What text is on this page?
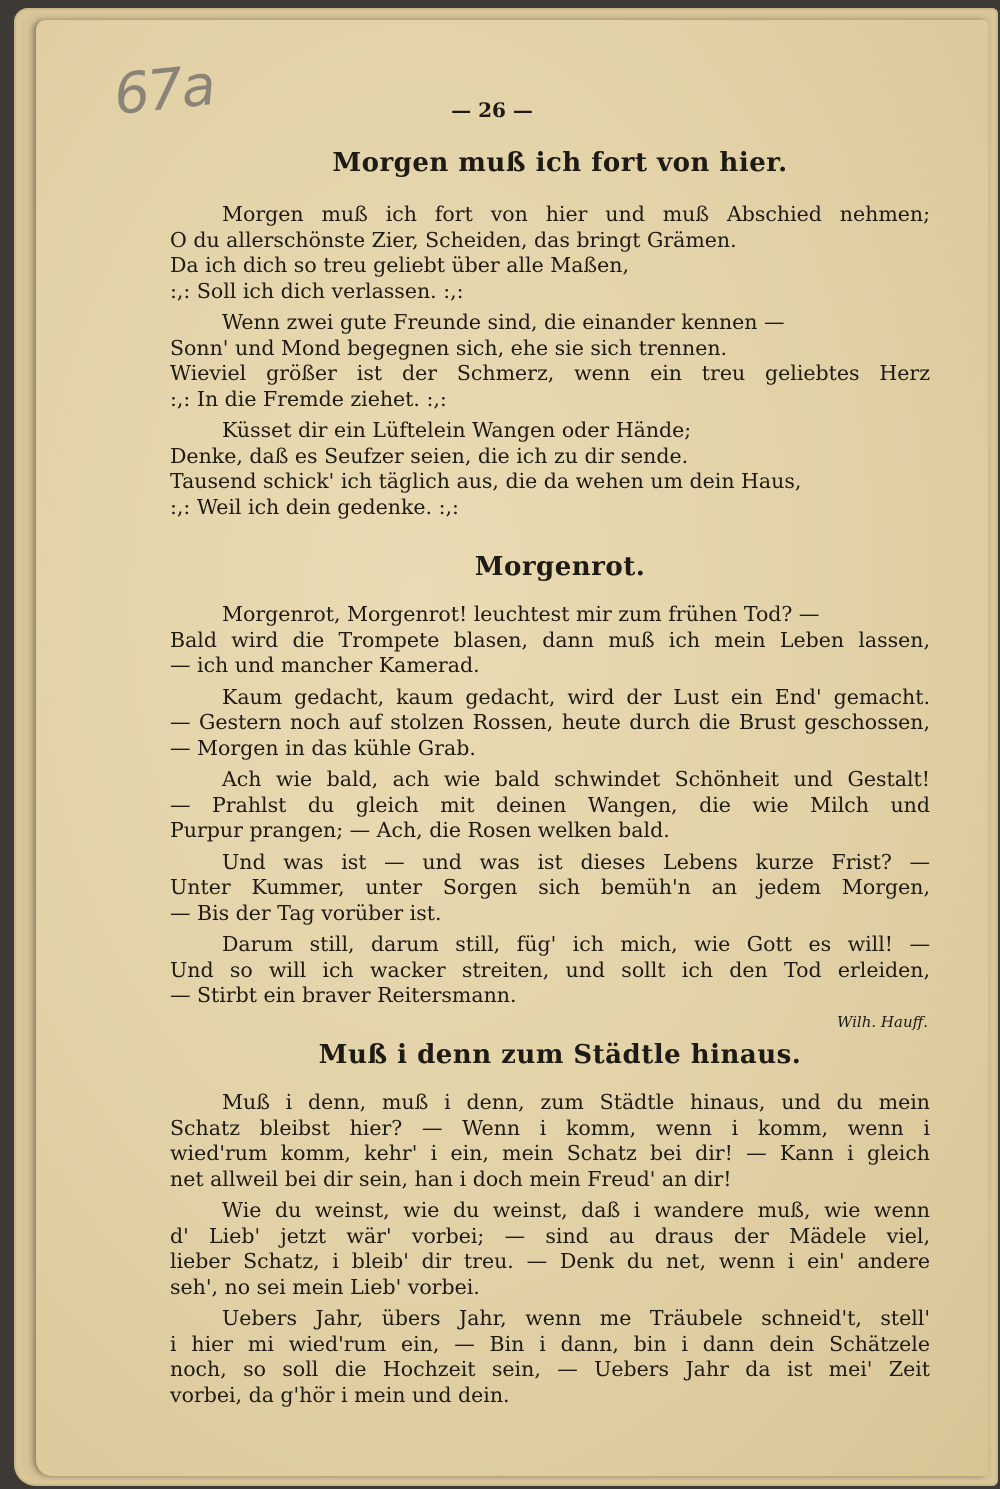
67a	— 26 —
Morgen muß ich fort von hier.
Morgen muß ich fort von hier und muß Abschied nehmen;
O du allerschönste Zier, Scheiden, das bringt Grämen.
Da ich dich so treu geliebt über alle Maßen,
:,: Soll ich dich verlassen. :,:
Wenn zwei gute Freunde sind, die einander kennen —
Sonn' und Mond begegnen sich, ehe sie sich trennen.
Wieviel größer ist der Schmerz, wenn ein treu geliebtes Herz
:,: In die Fremde ziehet. :,:
Küsset dir ein Lüftelein Wangen oder Hände;
Denke, daß es Seufzer seien, die ich zu dir sende.
Tausend schick' ich täglich aus, die da wehen um dein Haus,
:,: Weil ich dein gedenke. :,:
Morgenrot.
Morgenrot, Morgenrot! leuchtest mir zum frühen Tod? —
Bald wird die Trompete blasen, dann muß ich mein Leben lassen,
— ich und mancher Kamerad.
Kaum gedacht, kaum gedacht, wird der Lust ein End' gemacht.
— Gestern noch auf stolzen Rossen, heute durch die Brust geschossen,
— Morgen in das kühle Grab.
Ach wie bald, ach wie bald schwindet Schönheit und Gestalt!
— Prahlst du gleich mit deinen Wangen, die wie Milch und
Purpur prangen; — Ach, die Rosen welken bald.
Und was ist — und was ist dieses Lebens kurze Frist? —
Unter Kummer, unter Sorgen sich bemüh'n an jedem Morgen,
— Bis der Tag vorüber ist.
Darum still, darum still, füg' ich mich, wie Gott es will! —
Und so will ich wacker streiten, und sollt ich den Tod erleiden,
— Stirbt ein braver Reitersmann.
Wilh. Hauff.
Muß i denn zum Städtle hinaus.
Muß i denn, muß i denn, zum Städtle hinaus, und du mein
Schatz bleibst hier? — Wenn i komm, wenn i komm, wenn i
wied'rum komm, kehr' i ein, mein Schatz bei dir! — Kann i gleich
net allweil bei dir sein, han i doch mein Freud' an dir!
Wie du weinst, wie du weinst, daß i wandere muß, wie wenn
d' Lieb' jetzt wär' vorbei; — sind au draus der Mädele viel,
lieber Schatz, i bleib' dir treu. — Denk du net, wenn i ein' andere
seh', no sei mein Lieb' vorbei.
Uebers Jahr, übers Jahr, wenn me Träubele schneid't, stell'
i hier mi wied'rum ein, — Bin i dann, bin i dann dein Schätzele
noch, so soll die Hochzeit sein, — Uebers Jahr da ist mei' Zeit
vorbei, da g'hör i mein und dein.
